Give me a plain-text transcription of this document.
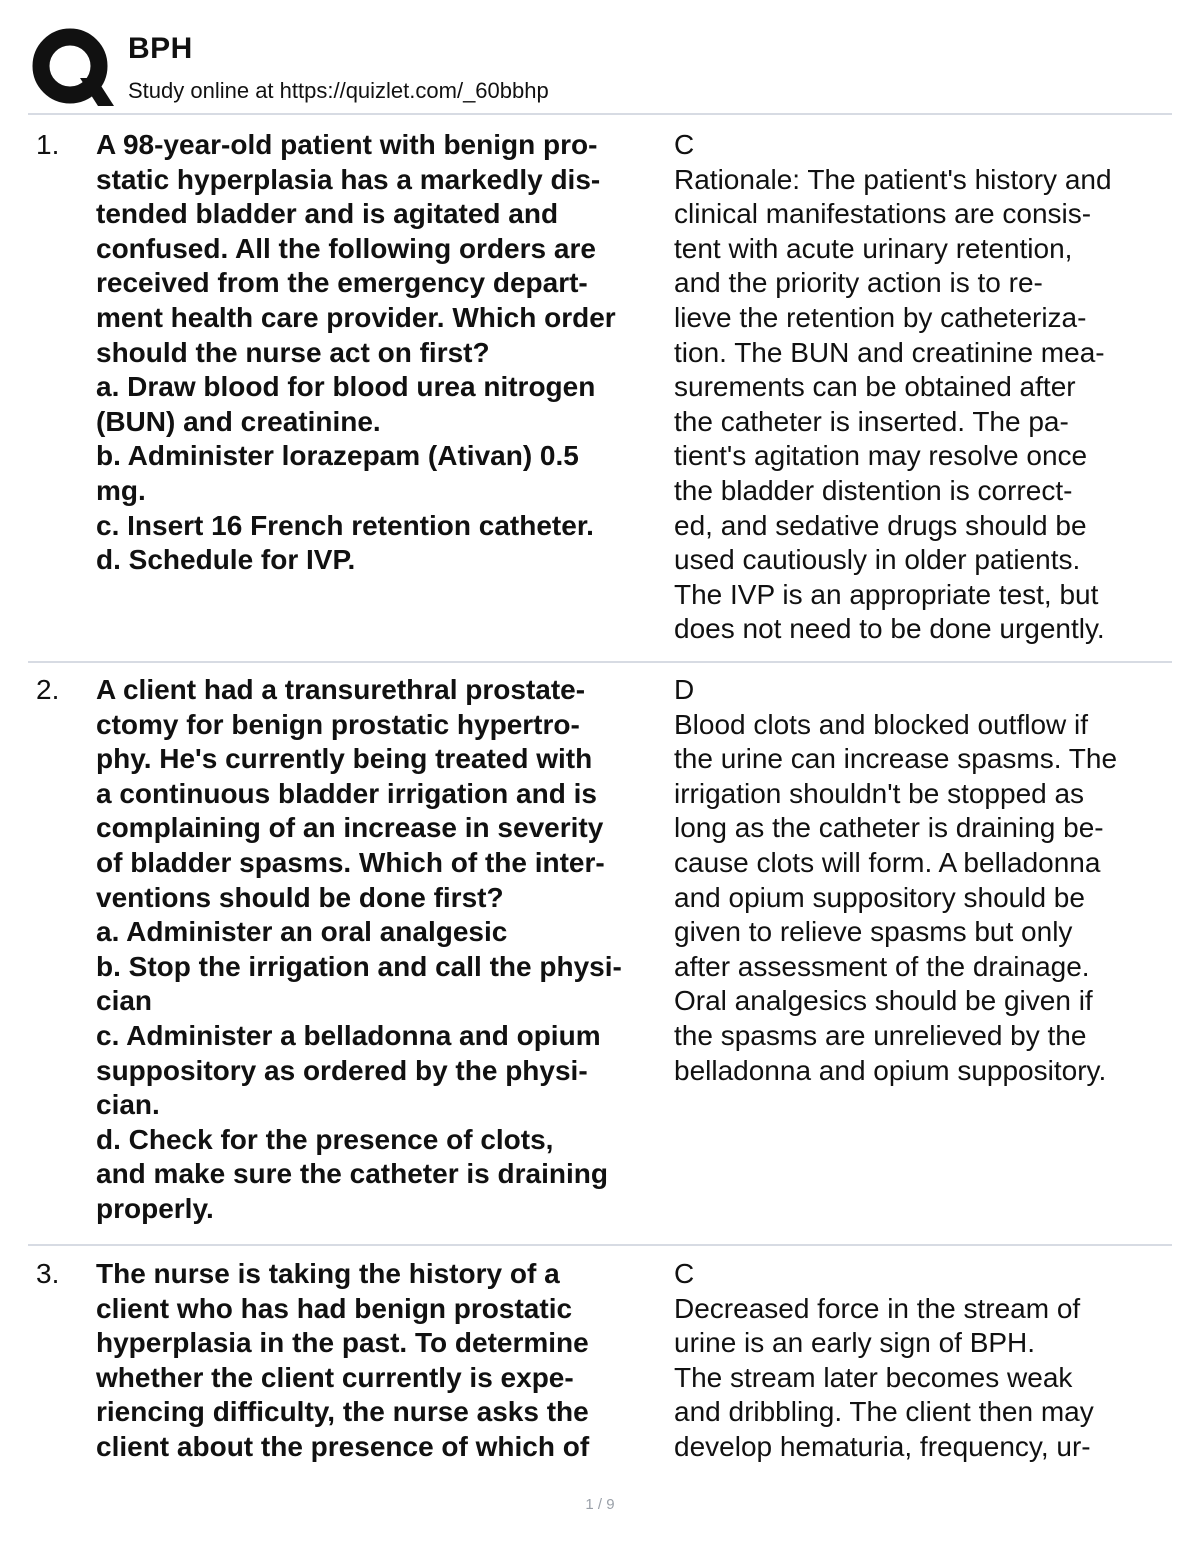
BPH
Study online at https://quizlet.com/_60bbhp
1. A 98-year-old patient with benign pro-
static hyperplasia has a markedly dis-
tended bladder and is agitated and
confused. All the following orders are
received from the emergency depart-
ment health care provider. Which order
should the nurse act on first?
a. Draw blood for blood urea nitrogen
(BUN) and creatinine.
b. Administer lorazepam (Ativan) 0.5
mg.
c. Insert 16 French retention catheter.
d. Schedule for IVP.

C
Rationale: The patient's history and
clinical manifestations are consis-
tent with acute urinary retention,
and the priority action is to re-
lieve the retention by catheteriza-
tion. The BUN and creatinine mea-
surements can be obtained after
the catheter is inserted. The pa-
tient's agitation may resolve once
the bladder distention is correct-
ed, and sedative drugs should be
used cautiously in older patients.
The IVP is an appropriate test, but
does not need to be done urgently.

2. A client had a transurethral prostate-
ctomy for benign prostatic hypertro-
phy. He's currently being treated with
a continuous bladder irrigation and is
complaining of an increase in severity
of bladder spasms. Which of the inter-
ventions should be done first?
a. Administer an oral analgesic
b. Stop the irrigation and call the physi-
cian
c. Administer a belladonna and opium
suppository as ordered by the physi-
cian.
d. Check for the presence of clots,
and make sure the catheter is draining
properly.

D
Blood clots and blocked outflow if
the urine can increase spasms. The
irrigation shouldn't be stopped as
long as the catheter is draining be-
cause clots will form. A belladonna
and opium suppository should be
given to relieve spasms but only
after assessment of the drainage.
Oral analgesics should be given if
the spasms are unrelieved by the
belladonna and opium suppository.

3. The nurse is taking the history of a
client who has had benign prostatic
hyperplasia in the past. To determine
whether the client currently is expe-
riencing difficulty, the nurse asks the
client about the presence of which of

C
Decreased force in the stream of
urine is an early sign of BPH.
The stream later becomes weak
and dribbling. The client then may
develop hematuria, frequency, ur-

1 / 9
